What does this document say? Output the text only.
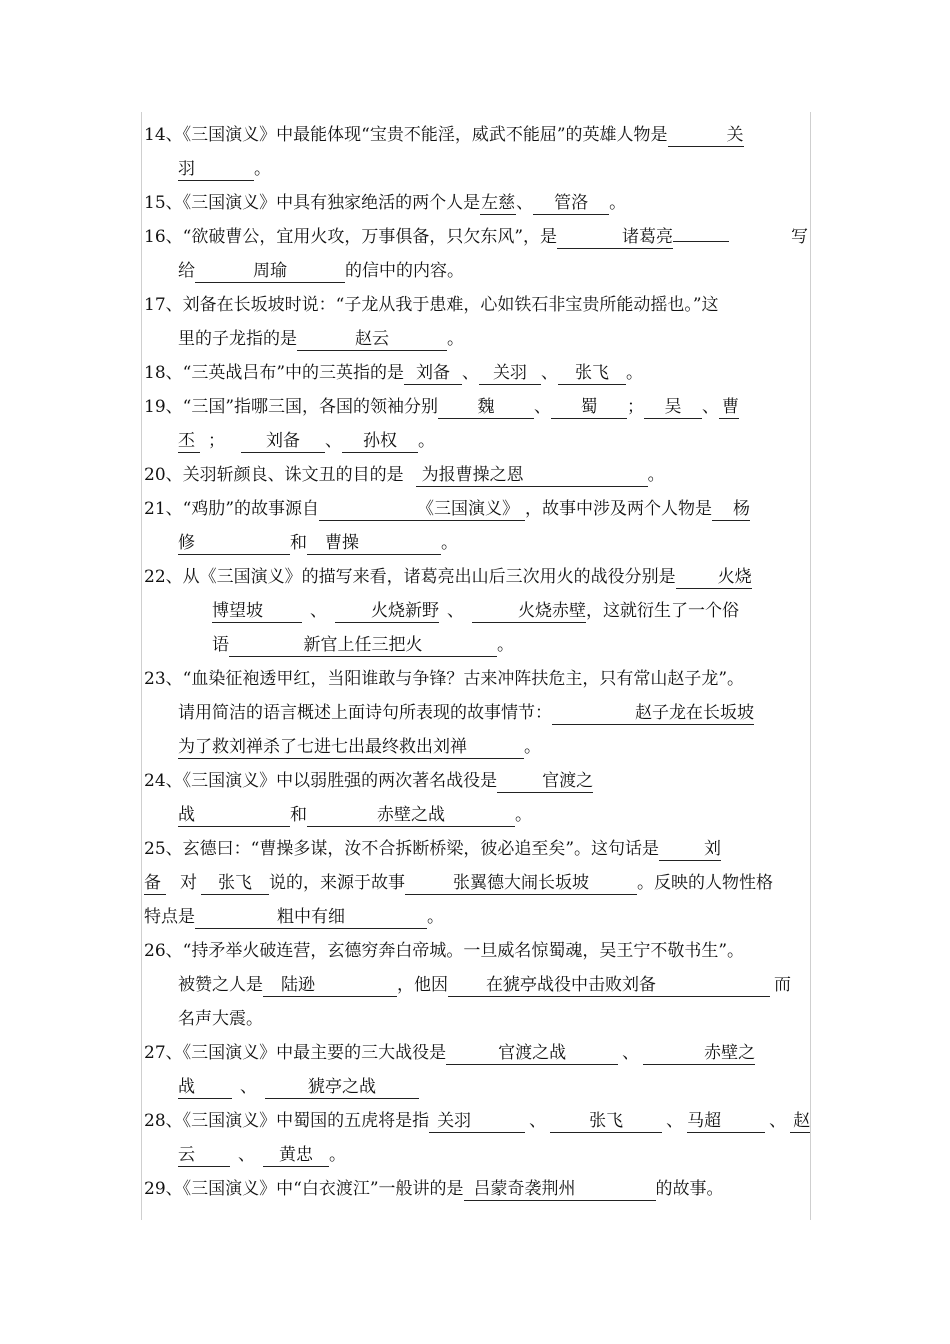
14、《三国演义》中最能体现“宝贵不能淫，威武不能屈”的英雄人物是	关
羽	。
15、《三国演义》中具有独家绝活的两个人是左慈、 管洛 。
16、“欲破曹公，宜用火攻，万事俱备，只欠东风”，是	诸葛亮	写
给	周瑜	的信中的内容。
17、刘备在长坂坡时说：“子龙从我于患难，心如铁石非宝贵所能动摇也。”这
里的子龙指的是	赵云	。
18、“三英战吕布”中的三英指的是 刘备 、 关羽 、 张飞 。
19、“三国”指哪三国，各国的领袖分别 魏 、 蜀 ； 吴 、 曹
丕 ； 刘备 、 孙权 。
20、关羽斩颜良、诛文丑的目的是 为报曹操之恩	。
21、“鸡肋”的故事源自	《三国演义》 ，故事中涉及两个人物是 杨
修	和 曹操	。
22、从《三国演义》的描写来看，诸葛亮出山后三次用火的战役分别是 火烧
博望坡	、	火烧新野 、	火烧赤壁，这就衍生了一个俗
语	新官上任三把火	。
23、“血染征袍透甲红，当阳谁敢与争锋？古来冲阵扶危主，只有常山赵子龙”。
请用简洁的语言概述上面诗句所表现的故事情节：	赵子龙在长坂坡
为了救刘禅杀了七进七出最终救出刘禅	。
24、《三国演义》中以弱胜强的两次著名战役是	官渡之
战	和	赤壁之战	。
25、玄德曰：“曹操多谋，汝不合拆断桥梁，彼必追至矣”。这句话是	刘
备 对 张飞 说的，来源于故事	张翼德大闹长坂坡	。反映的人物性格
特点是	粗中有细	。
26、“持矛举火破连营，玄德穷奔白帝城。一旦威名惊蜀魂，吴王宁不敬书生”。
被赞之人是 陆逊	，他因 在猇亭战役中击败刘备	而
名声大震。
27、《三国演义》中最主要的三大战役是	官渡之战	、	赤壁之
战	、	猇亭之战
28、《三国演义》中蜀国的五虎将是指 关羽	、	张飞	、 马超	、 赵
云	、 黄忠 。
29、《三国演义》中“白衣渡江”一般讲的是 吕蒙奇袭荆州	的故事。
